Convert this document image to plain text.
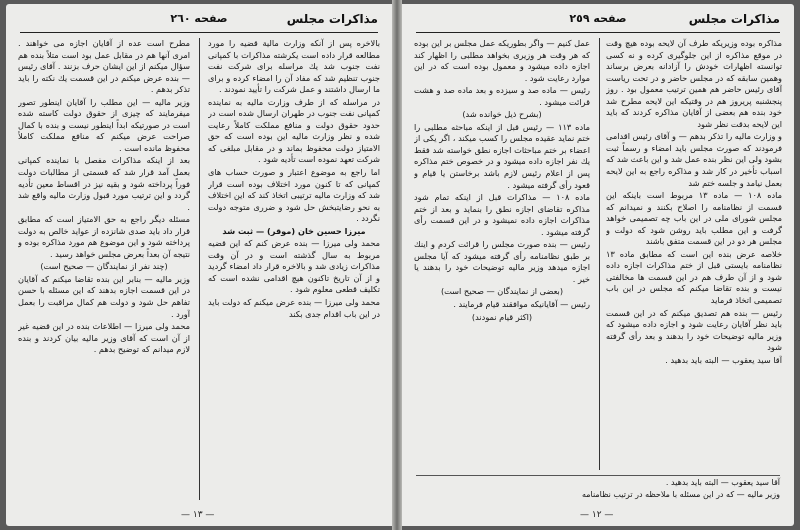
مذاكرات مجلس
صفحه ٢٦٠

بالاخره پس از آنكه وزارت مالية قضيه را مورد مطالعه قرار داده است يكرشته مذاكرات با كمپانی نفت جنوب شد يك مراسله برای شركت نفت جنوب تنظيم شد كه مفاد آن را امضاء كرده و برای ما ارسال داشتند و عمل شركت را تأييد نمودند .

در مراسله كه از طرف وزارت ماليه به نماينده كمپانی نفت جنوب در طهران ارسال شده است در حدود حقوق دولت و منافع مملكت كاملاً رعايت شده و نظر وزارت ماليه اين بوده است كه حق الامتياز دولت محفوظ بماند و در مقابل مبلغی كه شركت تعهد نموده است تأديه شود .

اما راجع به موضوع اعتبار و صورت حساب های كمپانی كه تا كنون مورد اختلاف بوده است قرار شد كه وزارت ماليه ترتيبی اتخاذ كند كه اين اختلاف به نحو رضايتبخش حل شود و ضرری متوجه دولت نگردد .

ميرزا حسين خان (موقر) — ثبت شد

محمد ولی ميرزا — بنده عرض كنم كه اين قضيه مربوط به سال گذشته است و در آن وقت مذاكرات زيادی شد و بالاخره قرار داد امضاء گرديد و از آن تاريخ تاكنون هيچ اقدامی نشده است كه تكليف قطعی معلوم شود .

محمد ولی ميرزا — بنده عرض ميكنم كه دولت بايد در اين باب اقدام جدی بكند

مطرح است عده از آقايان اجازه می خواهند . امری آنها هم در مقابل عمل بود است متلاً بنده هم سؤال ميكنم از اين ايشان حرف بزنند . آقای رئيس — بنده عرض ميكنم در اين قسمت يك نكته را بايد تذكر بدهم .

وزير ماليه — اين مطلب را آقايان اينطور تصور ميفرمايند كه چيزی از حقوق دولت كاسته شده است در صورتيكه ابداً اينطور نيست و بنده با كمال صراحت عرض ميكنم كه منافع مملكت كاملاً محفوظ مانده است .

بعد از اينكه مذاكرات مفصل با نماينده كمپانی بعمل آمد قرار شد كه قسمتی از مطالبات دولت فوراً پرداخته شود و بقيه نيز در اقساط معين تأديه گردد و اين ترتيب مورد قبول وزارت ماليه واقع شد .

مسئله ديگر راجع به حق الامتياز است كه مطابق قرار داد بايد صدی شانزده از عوايد خالص به دولت پرداخته شود و اين موضوع هم مورد مذاكره بوده و نتيجه آن بعداً بعرض مجلس خواهد رسيد .

(چند نفر از نمايندگان — صحيح است)

وزير ماليه — بنابر اين بنده تقاضا ميكنم كه آقايان در اين قسمت اجازه بدهند كه اين مسئله با حسن تفاهم حل شود و دولت هم كمال مراقبت را بعمل آورد .

محمد ولی ميرزا — اطلاعات بنده در اين قضيه غير از آن است كه آقای وزير ماليه بيان كردند و بنده لازم ميدانم كه توضيح بدهم .

— ١٣ —
مذاكرات مجلس
صفحه ٢٥٩

مذاكره بوده وزيريكه طرف آن لايحه بوده هيچ وقت در موقع مذاكره از اين جلوگيری كرده و نه كسی توانسته اظهارات خودش را آزادانه بعرض برساند وهمين سابقه كه در مجلس حاضر و در تحت رياست آقای رئيس حاضر هم همين ترتيب معمول بود . روز پنجشنبه پريروز هم در وقتيكه اين لايحه مطرح شد خود بنده هم بعضی از آقايان مذاكره كردند كه بايد اين لايحه بدقت نظر شود

و وزارت ماليه را تذكر بدهم — و آقای رئيس اقدامی فرمودند كه صورت مجلس بايد امضاء و رسماً ثبت بشود ولی اين نظر بنده عمل شد و اين باعث شد كه اسباب تأخير در كار شد و مذاكره راجع به اين لايحه بعمل نيامد و جلسه ختم شد

ماده ١٠٨ — ماده ١٣ مربوط است باينكه اين قسمت از نظامنامه را اصلاح بكنند و نميدانم كه مجلس شورای ملی در اين باب چه تصميمی خواهد گرفت و اين مطلب بايد روشن شود كه دولت و مجلس هر دو در اين قسمت متفق باشند

خلاصه عرض بنده اين است كه مطابق ماده ١٣ نظامنامه بايستی قبل از ختم مذاكرات اجازه داده شود و از آن طرف هم در اين قسمت ها مخالفتی نيست و بنده تقاضا ميكنم كه مجلس در اين باب تصميمی اتخاذ فرمايد

رئيس — بنده هم تصديق ميكنم كه در اين قسمت بايد نظر آقايان رعايت شود و اجازه داده ميشود كه وزير ماليه توضيحات خود را بدهند و بعد رأی گرفته شود

آقا سيد يعقوب — البته بايد بدهيد .

عمل كنيم — واگر بطوريكه عمل مجلس بر اين بوده كه هر وقت هر وزيری بخواهد مطلبی را اظهار كند اجازه داده ميشود و معمول بوده است كه در اين موارد رعايت شود .

رئيس — ماده صد و سيزده و بعد ماده صد و هشت قرائت ميشود .

(بشرح ذيل خوانده شد)

ماده ١١٣ — رئيس قبل از اينكه مباحثه مطلبی را ختم نمايد عقيده مجلس را كسب ميكند ، اگر يكی از اعضاء بر ختم مباحثات اجازه نطق خواسته شد فقط يك نفر اجازه داده ميشود و در خصوص ختم مذاكره پس از اعلام رئيس لازم باشد برخاستن يا قيام و قعود رأی گرفته ميشود .

ماده ١٠٨ — مذاكرات قبل از اينكه تمام شود مذاكره تقاضای اجازه نطق را بنمايد و بعد از ختم مذاكرات اجازه داده نميشود و در اين قسمت رأی گرفته ميشود .

رئيس — بنده صورت مجلس را قرائت كردم و اينك بر طبق نظامنامه رأی گرفته ميشود كه آيا مجلس اجازه ميدهد وزير ماليه توضيحات خود را بدهند يا خير .

(بعضی از نمايندگان — صحيح است)

رئيس — آقايانيكه موافقند قيام فرمايند .

(اكثر قيام نمودند)

آقا سيد يعقوب — البته بايد بدهيد .

وزير ماليه — كه در اين مسئله با ملاحظه در ترتيب نظامنامه

— ١٢ —
